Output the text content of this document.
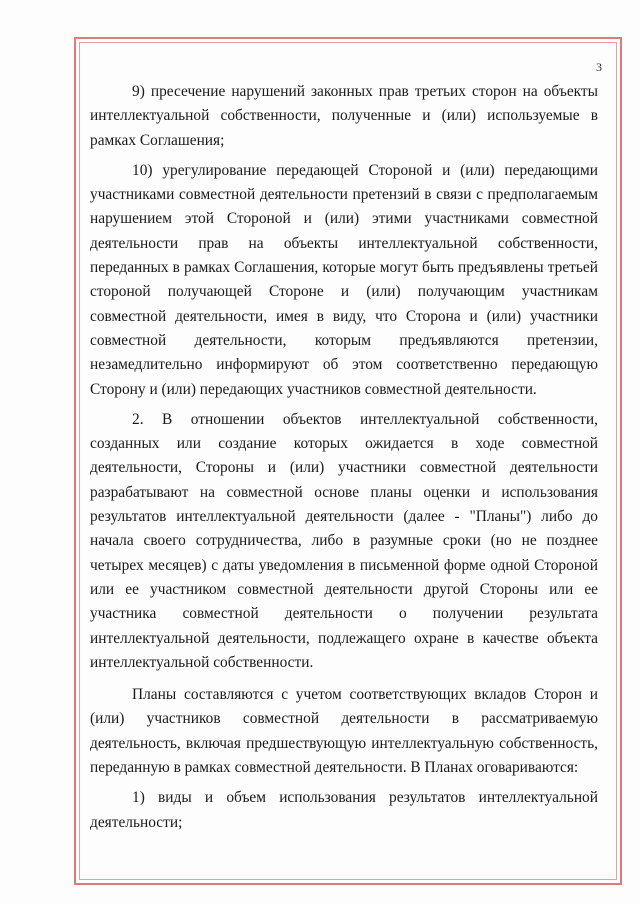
3

9) пресечение нарушений законных прав третьих сторон на объекты интеллектуальной собственности, полученные и (или) используемые в рамках Соглашения;

10) урегулирование передающей Стороной и (или) передающими участниками совместной деятельности претензий в связи с предполагаемым нарушением этой Стороной и (или) этими участниками совместной деятельности прав на объекты интеллектуальной собственности, переданных в рамках Соглашения, которые могут быть предъявлены третьей стороной получающей Стороне и (или) получающим участникам совместной деятельности, имея в виду, что Сторона и (или) участники совместной деятельности, которым предъявляются претензии, незамедлительно информируют об этом соответственно передающую Сторону и (или) передающих участников совместной деятельности.

2. В отношении объектов интеллектуальной собственности, созданных или создание которых ожидается в ходе совместной деятельности, Стороны и (или) участники совместной деятельности разрабатывают на совместной основе планы оценки и использования результатов интеллектуальной деятельности (далее - "Планы") либо до начала своего сотрудничества, либо в разумные сроки (но не позднее четырех месяцев) с даты уведомления в письменной форме одной Стороной или ее участником совместной деятельности другой Стороны или ее участника совместной деятельности о получении результата интеллектуальной деятельности, подлежащего охране в качестве объекта интеллектуальной собственности.

Планы составляются с учетом соответствующих вкладов Сторон и (или) участников совместной деятельности в рассматриваемую деятельность, включая предшествующую интеллектуальную собственность, переданную в рамках совместной деятельности. В Планах оговариваются:

1) виды и объем использования результатов интеллектуальной деятельности;
